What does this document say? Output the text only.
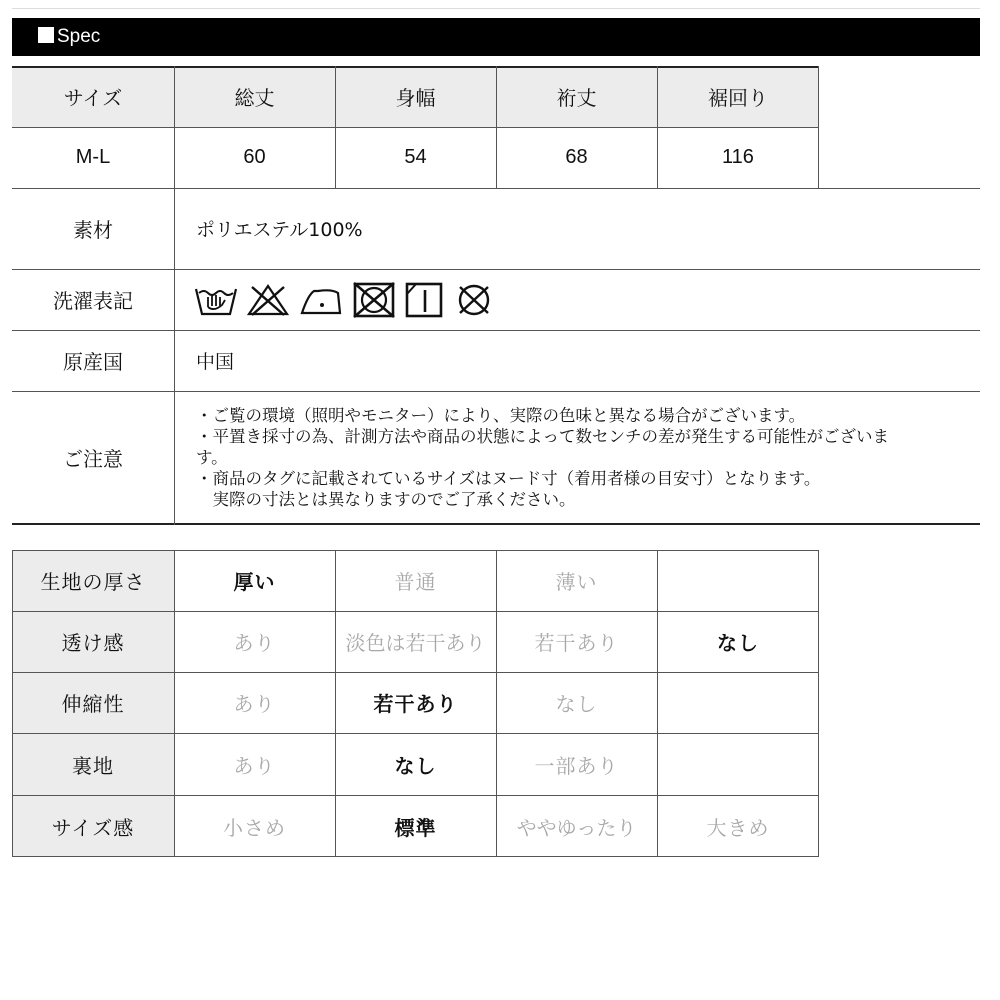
Spec
サイズ	総丈	身幅	裄丈	裾回り
M-L	60	54	68	116
素材	ポリエステル100%
洗濯表記
原産国	中国
ご注意
・ご覧の環境（照明やモニター）により、実際の色味と異なる場合がございます。
・平置き採寸の為、計測方法や商品の状態によって数センチの差が発生する可能性がございま
す。
・商品のタグに記載されているサイズはヌード寸（着用者様の目安寸）となります。
　実際の寸法とは異なりますのでご了承ください。
生地の厚さ	厚い	普通	薄い
透け感	あり	淡色は若干あり	若干あり	なし
伸縮性	あり	若干あり	なし
裏地	あり	なし	一部あり
サイズ感	小さめ	標準	ややゆったり	大きめ
